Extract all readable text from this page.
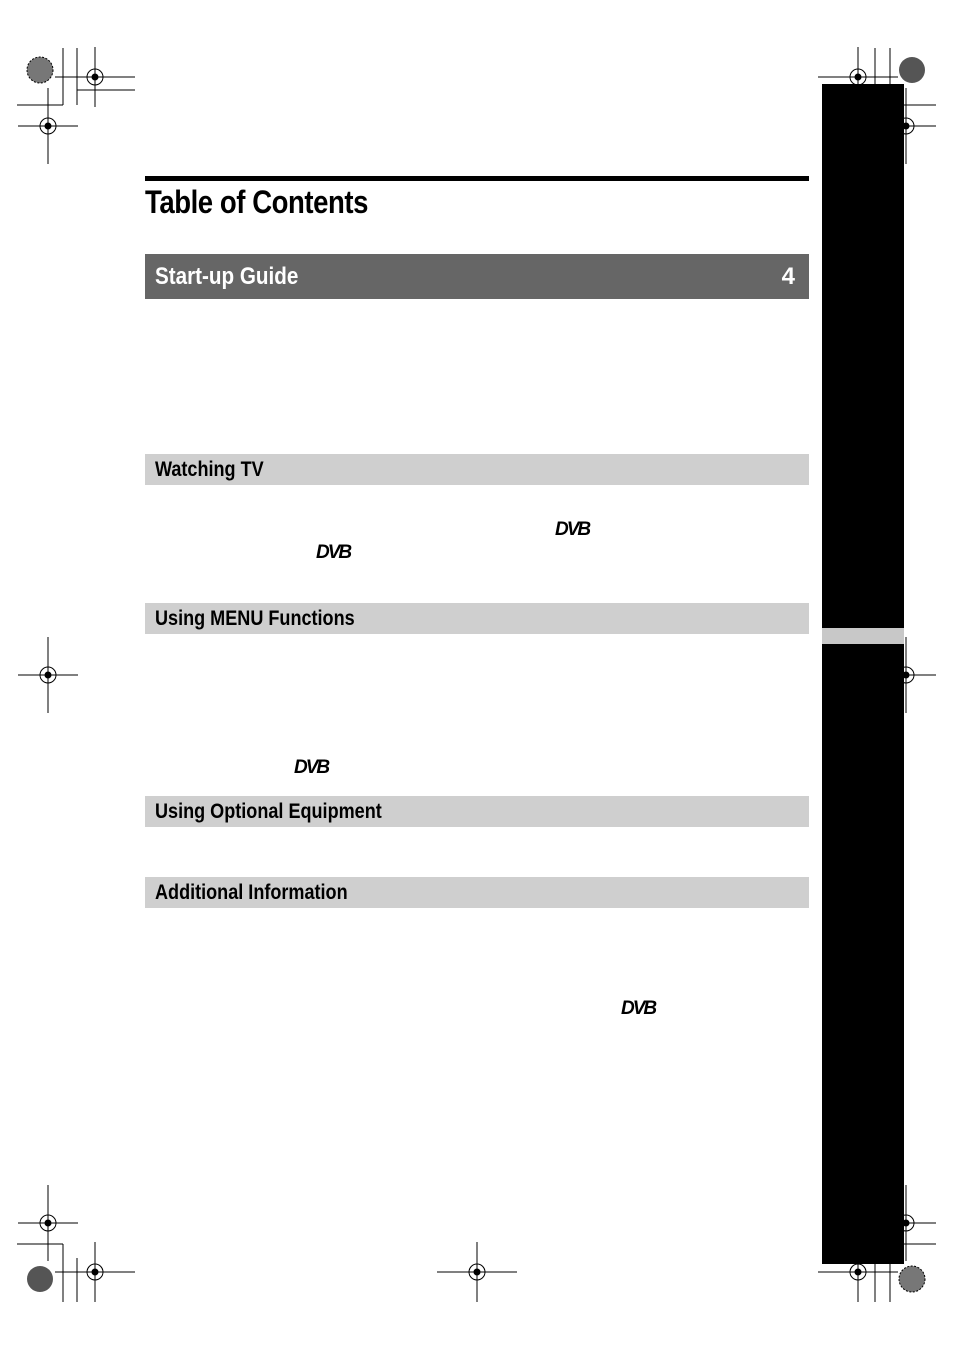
Table of Contents
Start-up Guide	4
Watching TV
Using MENU Functions
Using Optional Equipment
Additional Information
DVB
DVB
DVB
DVB
